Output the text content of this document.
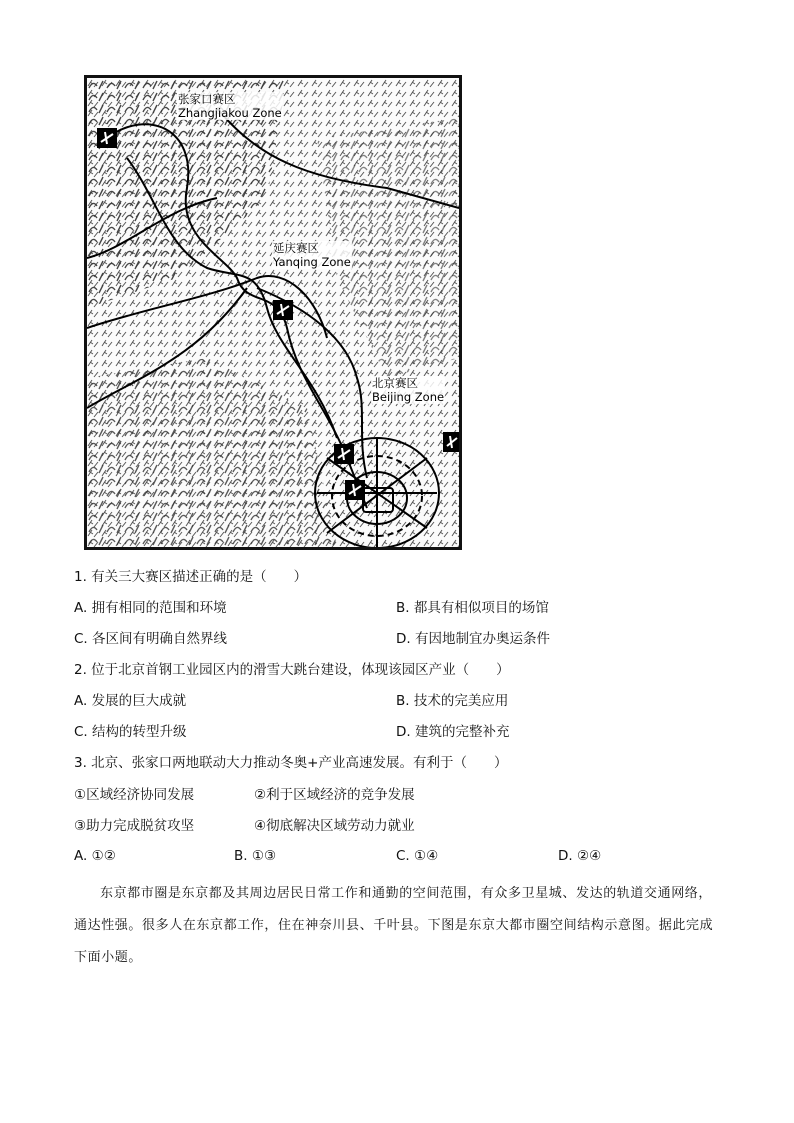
张家口赛区
Zhangjiakou Zone
延庆赛区
Yanqing Zone
北京赛区
Beijing Zone
1. 有关三大赛区描述正确的是（　　）
A. 拥有相同的范围和环境	B. 都具有相似项目的场馆
C. 各区间有明确自然界线	D. 有因地制宜办奥运条件
2. 位于北京首钢工业园区内的滑雪大跳台建设，体现该园区产业（　　）
A. 发展的巨大成就	B. 技术的完美应用
C. 结构的转型升级	D. 建筑的完整补充
3. 北京、张家口两地联动大力推动冬奥+产业高速发展。有利于（　　）
①区域经济协同发展	②利于区域经济的竞争发展
③助力完成脱贫攻坚	④彻底解决区域劳动力就业
A. ①②	B. ①③	C. ①④	D. ②④
东京都市圈是东京都及其周边居民日常工作和通勤的空间范围，有众多卫星城、发达的轨道交通网络，通达性强。很多人在东京都工作，住在神奈川县、千叶县。下图是东京大都市圈空间结构示意图。据此完成下面小题。
